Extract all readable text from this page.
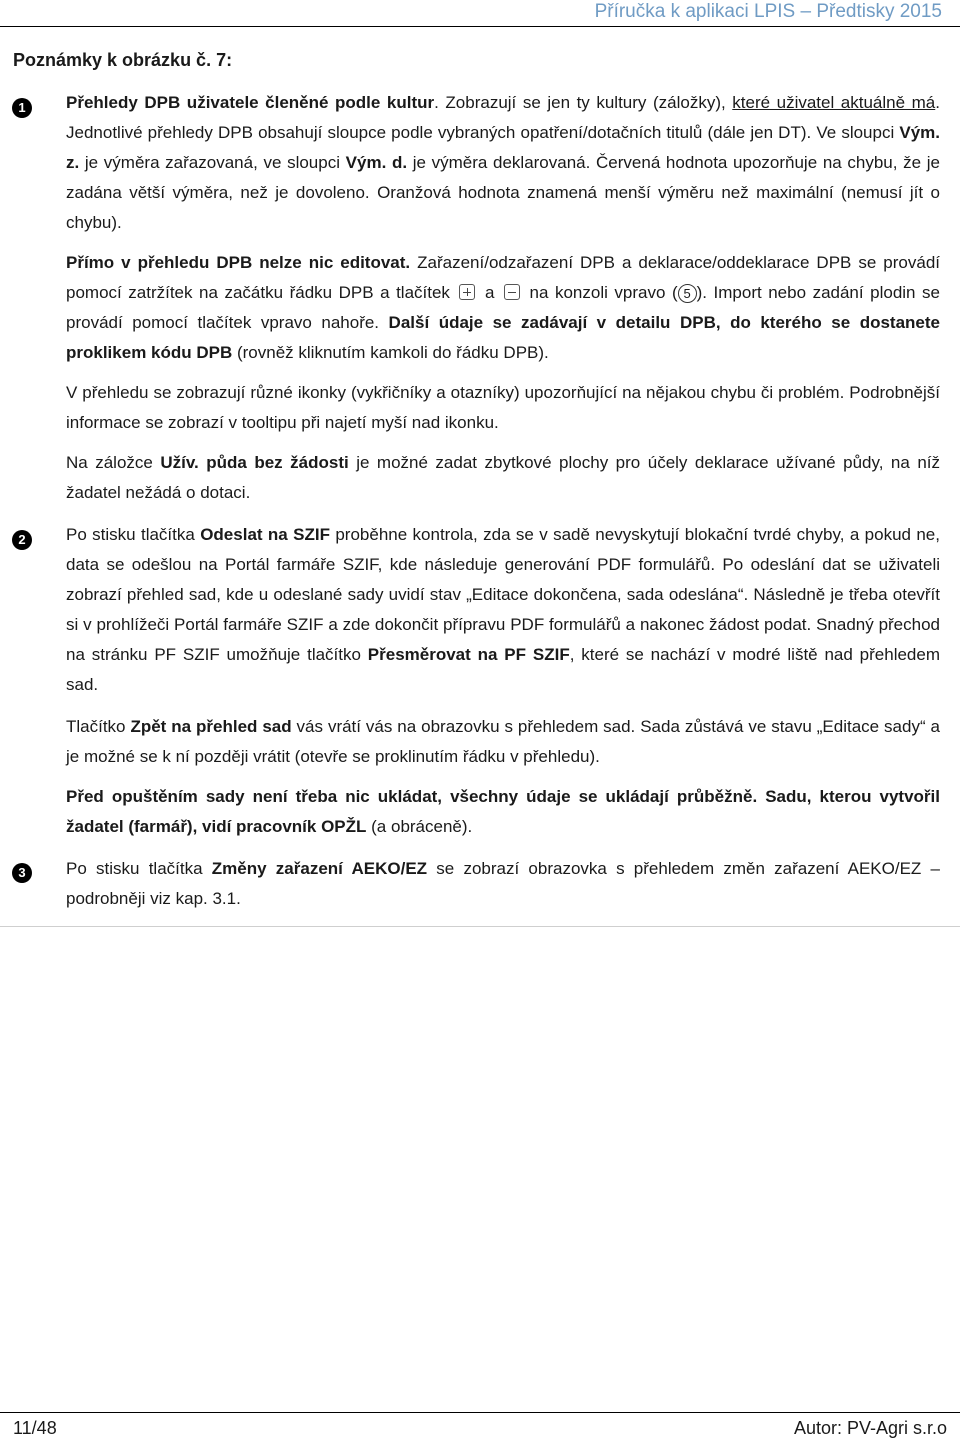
Příručka k aplikaci LPIS – Předtisky 2015
Poznámky k obrázku č. 7:
1	Přehledy DPB uživatele členěné podle kultur. Zobrazují se jen ty kultury (záložky), které uživatel aktuálně má. Jednotlivé přehledy DPB obsahují sloupce podle vybraných opatření/dotačních titulů (dále jen DT). Ve sloupci Vým. z. je výměra zařazovaná, ve sloupci Vým. d. je výměra deklarovaná. Červená hodnota upozorňuje na chybu, že je zadána větší výměra, než je dovoleno. Oranžová hodnota znamená menší výměru než maximální (nemusí jít o chybu).
Přímo v přehledu DPB nelze nic editovat. Zařazení/odzařazení DPB a deklarace/oddeklarace DPB se provádí pomocí zatržítek na začátku řádku DPB a tlačítek a na konzoli vpravo ( 5 ). Import nebo zadání plodin se provádí pomocí tlačítek vpravo nahoře. Další údaje se zadávají v detailu DPB, do kterého se dostanete proklikem kódu DPB (rovněž kliknutím kamkoli do řádku DPB).
V přehledu se zobrazují různé ikonky (vykřičníky a otazníky) upozorňující na nějakou chybu či problém. Podrobnější informace se zobrazí v tooltipu při najetí myší nad ikonku.
Na záložce Užív. půda bez žádosti je možné zadat zbytkové plochy pro účely deklarace užívané půdy, na níž žadatel nežádá o dotaci.
2	Po stisku tlačítka Odeslat na SZIF proběhne kontrola, zda se v sadě nevyskytují blokační tvrdé chyby, a pokud ne, data se odešlou na Portál farmáře SZIF, kde následuje generování PDF formulářů. Po odeslání dat se uživateli zobrazí přehled sad, kde u odeslané sady uvidí stav „Editace dokončena, sada odeslána“. Následně je třeba otevřít si v prohlížeči Portál farmáře SZIF a zde dokončit přípravu PDF formulářů a nakonec žádost podat. Snadný přechod na stránku PF SZIF umožňuje tlačítko Přesměrovat na PF SZIF, které se nachází v modré liště nad přehledem sad.
Tlačítko Zpět na přehled sad vás vrátí vás na obrazovku s přehledem sad. Sada zůstává ve stavu „Editace sady“ a je možné se k ní později vrátit (otevře se proklinutím řádku v přehledu).
Před opuštěním sady není třeba nic ukládat, všechny údaje se ukládají průběžně. Sadu, kterou vytvořil žadatel (farmář), vidí pracovník OPŽL (a obráceně).
3	Po stisku tlačítka Změny zařazení AEKO/EZ se zobrazí obrazovka s přehledem změn zařazení AEKO/EZ – podrobněji viz kap. 3.1.
11/48	Autor: PV-Agri s.r.o
